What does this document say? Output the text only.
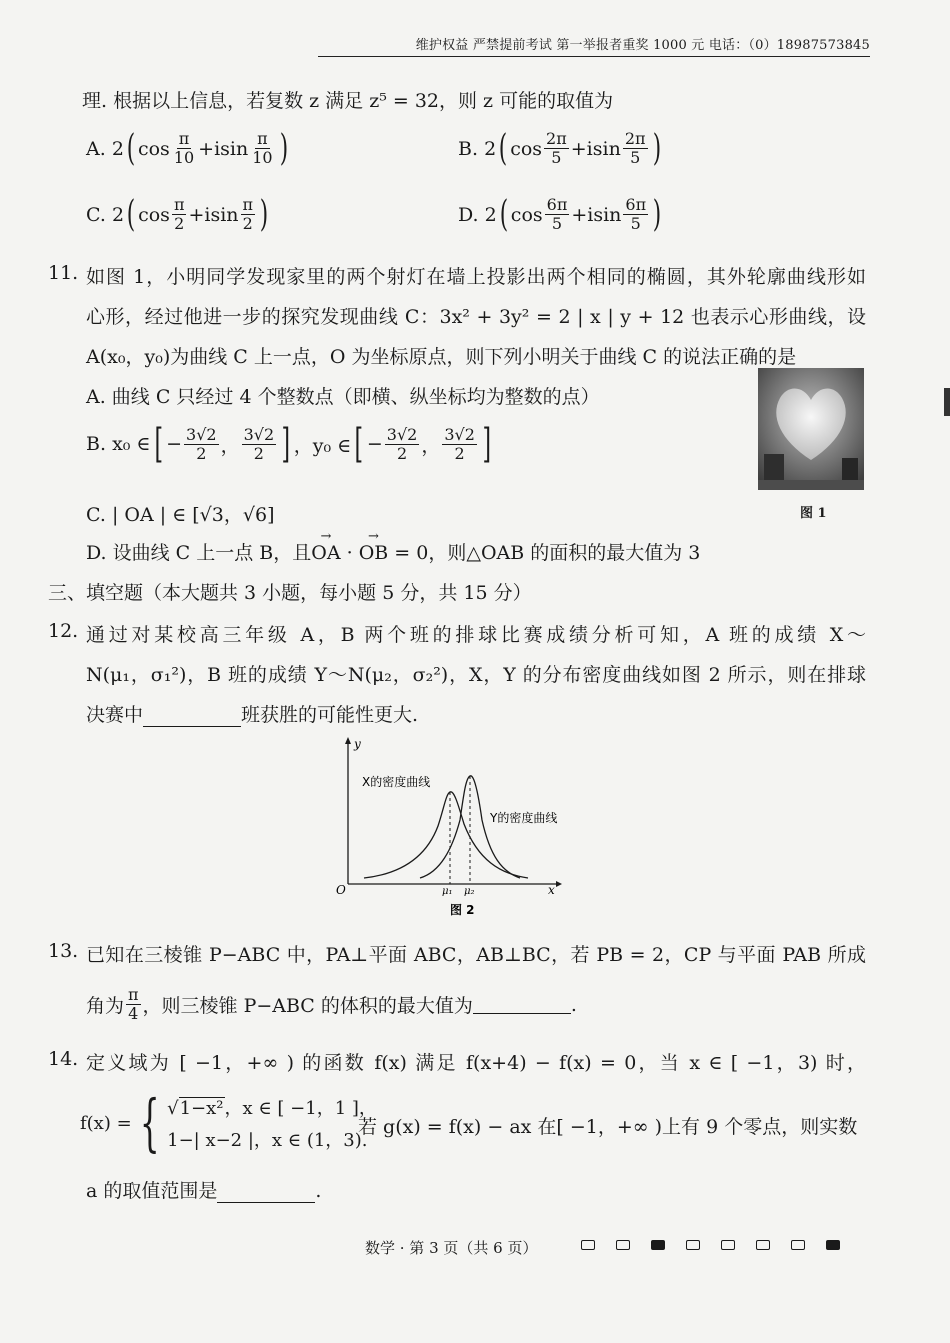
维护权益 严禁提前考试 第一举报者重奖 1000 元 电话：（0）18987573845
理. 根据以上信息，若复数 z 满足 z⁵ = 32，则 z 可能的取值为
A.
2 ( $\cos \frac{\pi}{10} +isin \frac{\pi}{10}$ )	B.
2 ( $\cos \frac{2\pi}{5} +isin \frac{2\pi}{5}$ )
C.
2 ( $\cos \frac{\pi}{2} +isin \frac{\pi}{2}$ )	D.
2 ( $\cos \frac{6\pi}{5} +isin \frac{6\pi}{5}$ )
11. 如图 1，小明同学发现家里的两个射灯在墙上投影出两个相同的椭圆，其外轮廓曲线形如
心形，经过他进一步的探究发现曲线 C：3x² + 3y² = 2 | x | y + 12 也表示心形曲线，设
A(x₀，y₀)为曲线 C 上一点，O 为坐标原点，则下列小明关于曲线 C 的说法正确的是
A. 曲线 C 只经过 4 个整数点（即横、纵坐标均为整数的点）
B.
x₀ ∈ [ − $\frac{3√2}{2}$ ， $\frac{3√2}{2}$ ] ，y₀ ∈ [ − $\frac{3√2}{2}$ ， $\frac{3√2}{2}$ ]
C. | OA | ∈ [√3，√6]
D. 设曲线 C 上一点 B，且→ OA · → OB = 0，则△OAB 的面积的最大值为 3
图 1
三、填空题（本大题共 3 小题，每小题 5 分，共 15 分）
12. 通过对某校高三年级 A，B 两个班的排球比赛成绩分析可知，A 班的成绩 X～
N(μ₁，σ₁²)，B 班的成绩 Y～N(μ₂，σ₂²)，X，Y 的分布密度曲线如图 2 所示，则在排球
决赛中	班获胜的可能性更大.
y
x
O
X的密度曲线
Y的密度曲线
μ₁ μ₂
图 2
13. 已知在三棱锥 P−ABC 中，PA⊥平面 ABC，AB⊥BC，若 PB = 2，CP 与平面 PAB 所成
角为 $\frac{\pi}{4}$ ，则三棱锥 P−ABC 的体积的最大值为	.
14. 定义域为 [ −1，+∞ ) 的函数 f(x) 满足 f(x+4) − f(x) = 0，当 x ∈ [ −1，3) 时，
f(x) = { √1−x²，x ∈ [ −1，1 ]，
1−| x−2 |，x ∈ (1，3).
若 g(x) = f(x) − ax 在[ −1，+∞ )上有 9 个零点，则实数
a 的取值范围是	.
数学 · 第 3 页（共 6 页）
